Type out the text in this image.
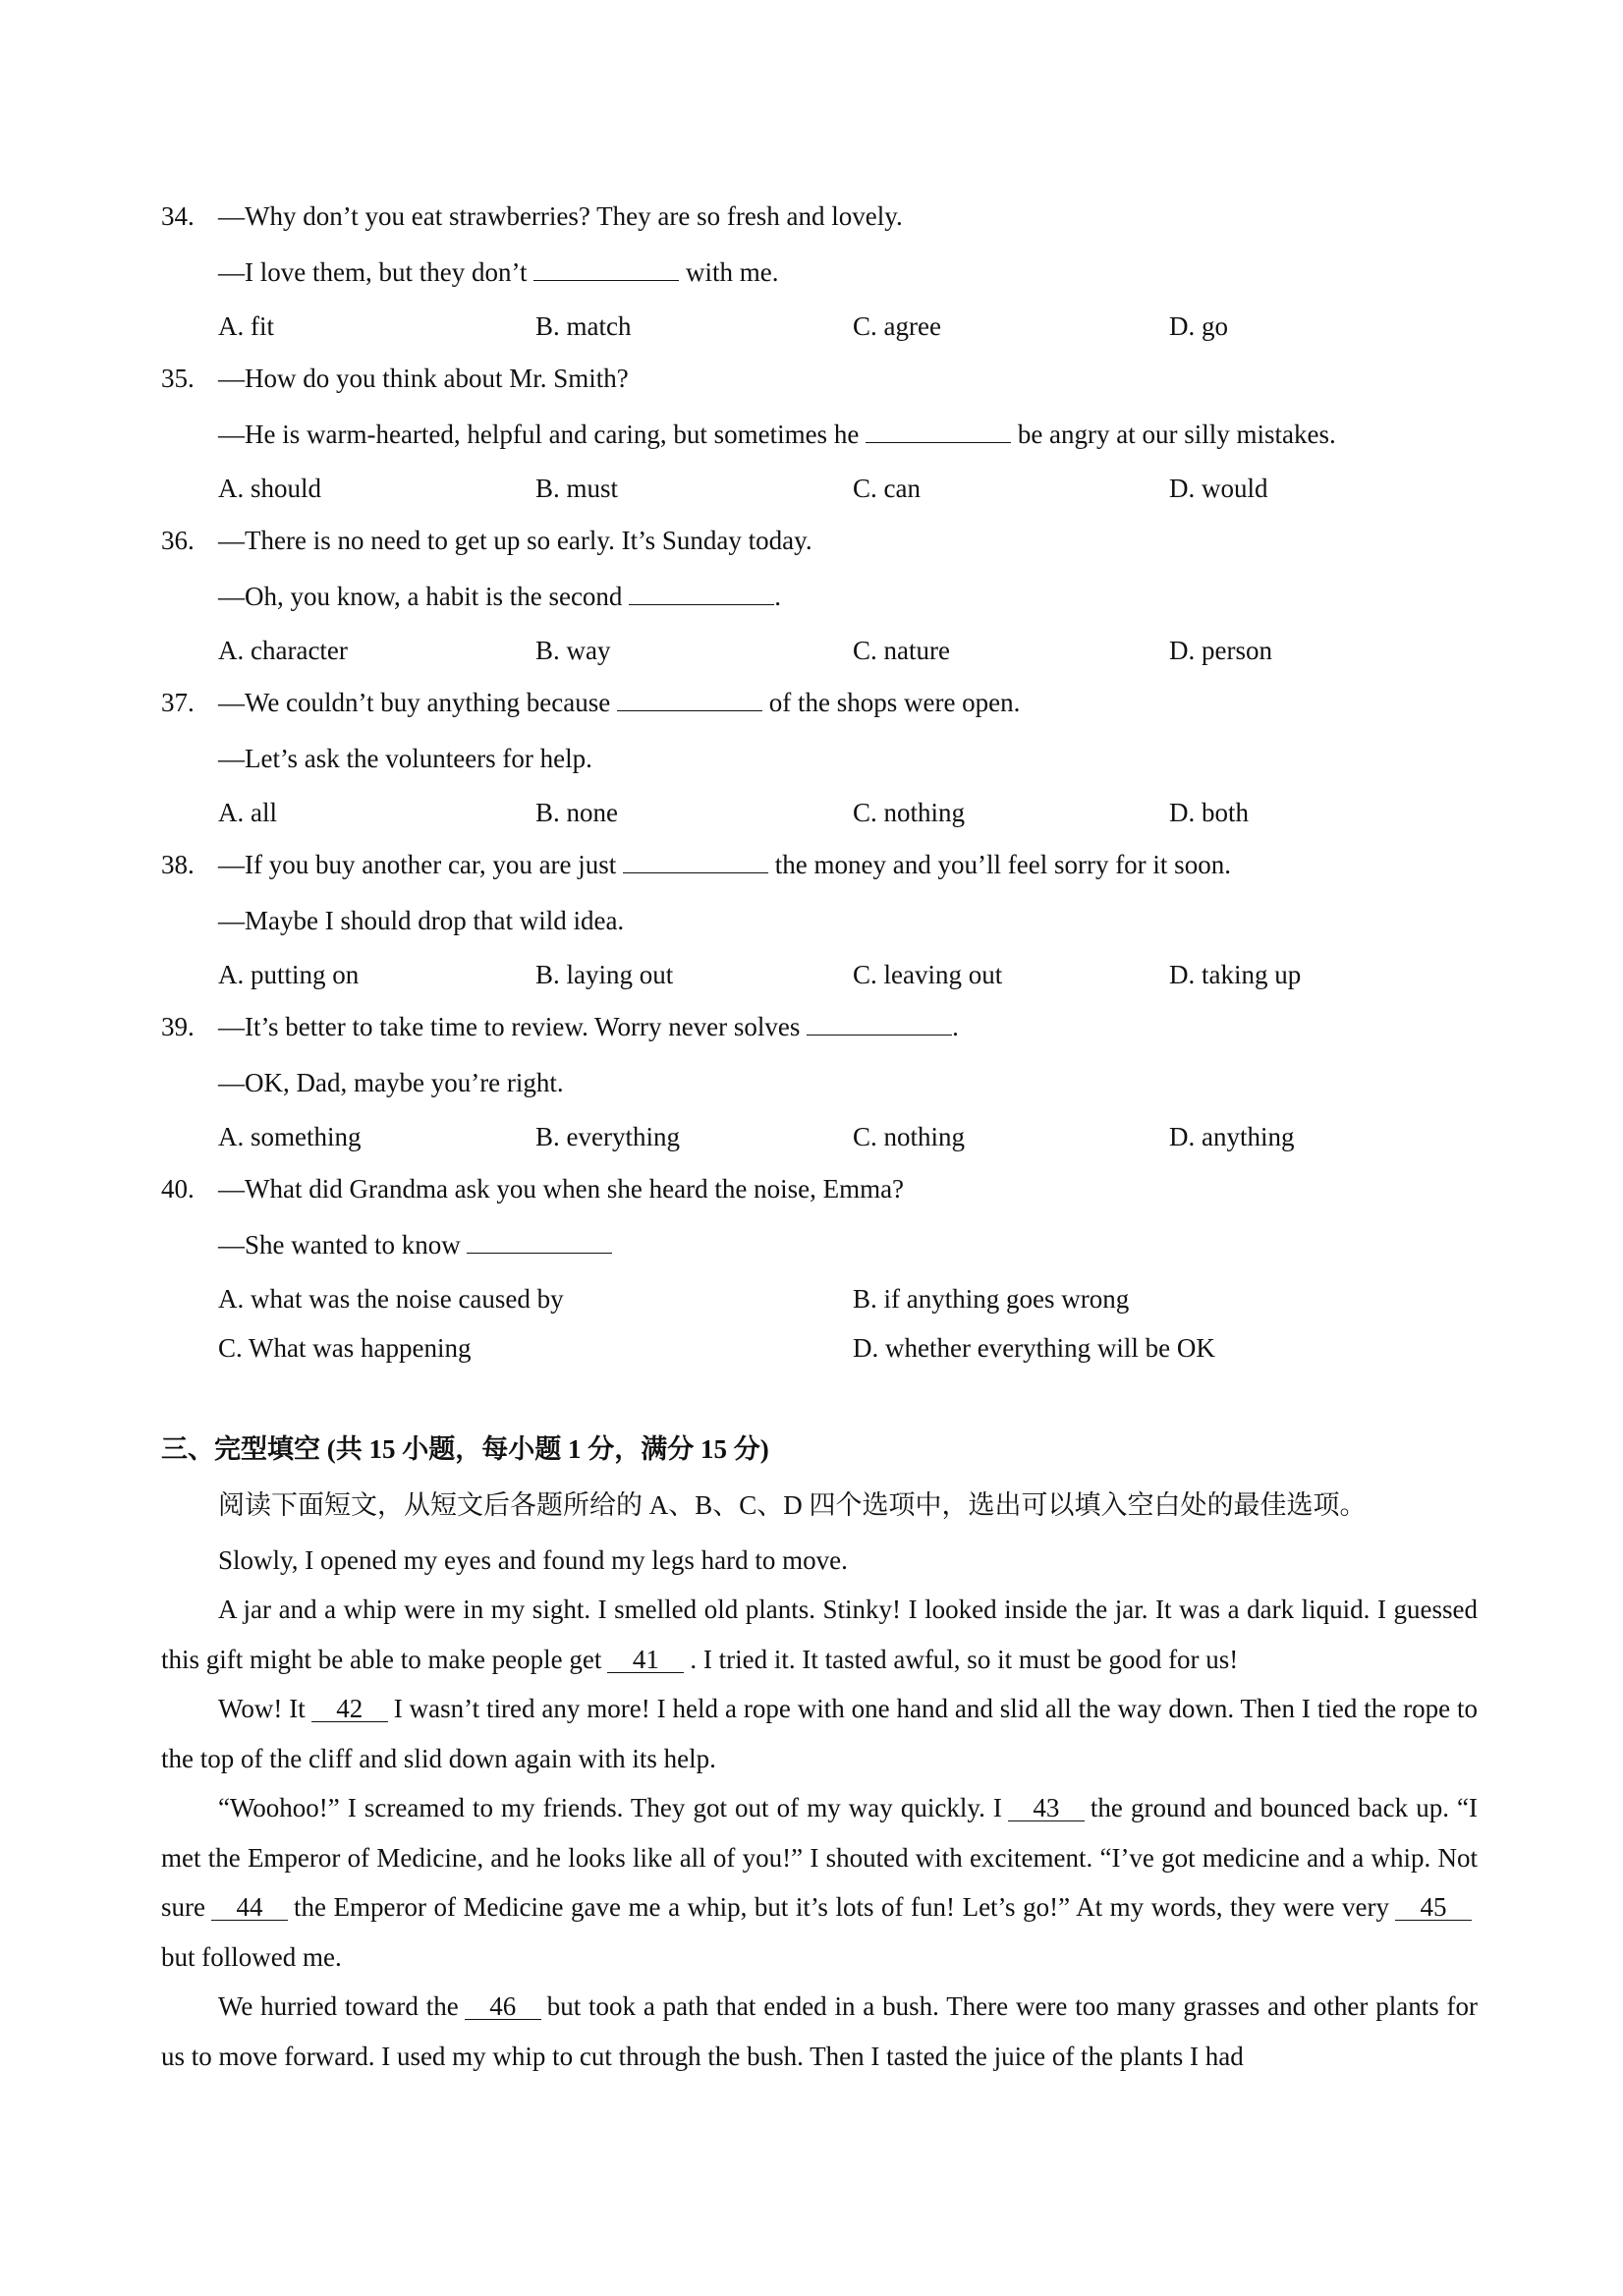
34. —Why don’t you eat strawberries? They are so fresh and lovely.
—I love them, but they don’t	with me.
A. fit	B. match	C. agree	D. go
35. —How do you think about Mr. Smith?
—He is warm-hearted, helpful and caring, but sometimes he	be angry at our silly mistakes.
A. should	B. must	C. can	D. would
36. —There is no need to get up so early. It’s Sunday today.
—Oh, you know, a habit is the second	.
A. character	B. way	C. nature	D. person
37. —We couldn’t buy anything because	of the shops were open.
—Let’s ask the volunteers for help.
A. all	B. none	C. nothing	D. both
38. —If you buy another car, you are just	the money and you’ll feel sorry for it soon.
—Maybe I should drop that wild idea.
A. putting on	B. laying out	C. leaving out	D. taking up
39. —It’s better to take time to review. Worry never solves	.
—OK, Dad, maybe you’re right.
A. something	B. everything	C. nothing	D. anything
40. —What did Grandma ask you when she heard the noise, Emma?
—She wanted to know
A. what was the noise caused by	B. if anything goes wrong
C. What was happening	D. whether everything will be OK
三、完型填空 (共 15 小题，每小题 1 分，满分 15 分)
阅读下面短文，从短文后各题所给的 A、B、C、D 四个选项中，选出可以填入空白处的最佳选项。
Slowly, I opened my eyes and found my legs hard to move.
A jar and a whip were in my sight. I smelled old plants. Stinky! I looked inside the jar. It was a dark liquid. I guessed this gift might be able to make people get 41 . I tried it. It tasted awful, so it must be good for us!
Wow! It 42 I wasn’t tired any more! I held a rope with one hand and slid all the way down. Then I tied the rope to the top of the cliff and slid down again with its help.
“Woohoo!” I screamed to my friends. They got out of my way quickly. I 43 the ground and bounced back up. “I met the Emperor of Medicine, and he looks like all of you!” I shouted with excitement. “I’ve got medicine and a whip. Not sure 44 the Emperor of Medicine gave me a whip, but it’s lots of fun! Let’s go!” At my words, they were very 45but followed me.
We hurried toward the 46 but took a path that ended in a bush. There were too many grasses and other plants for us to move forward. I used my whip to cut through the bush. Then I tasted the juice of the plants I had
